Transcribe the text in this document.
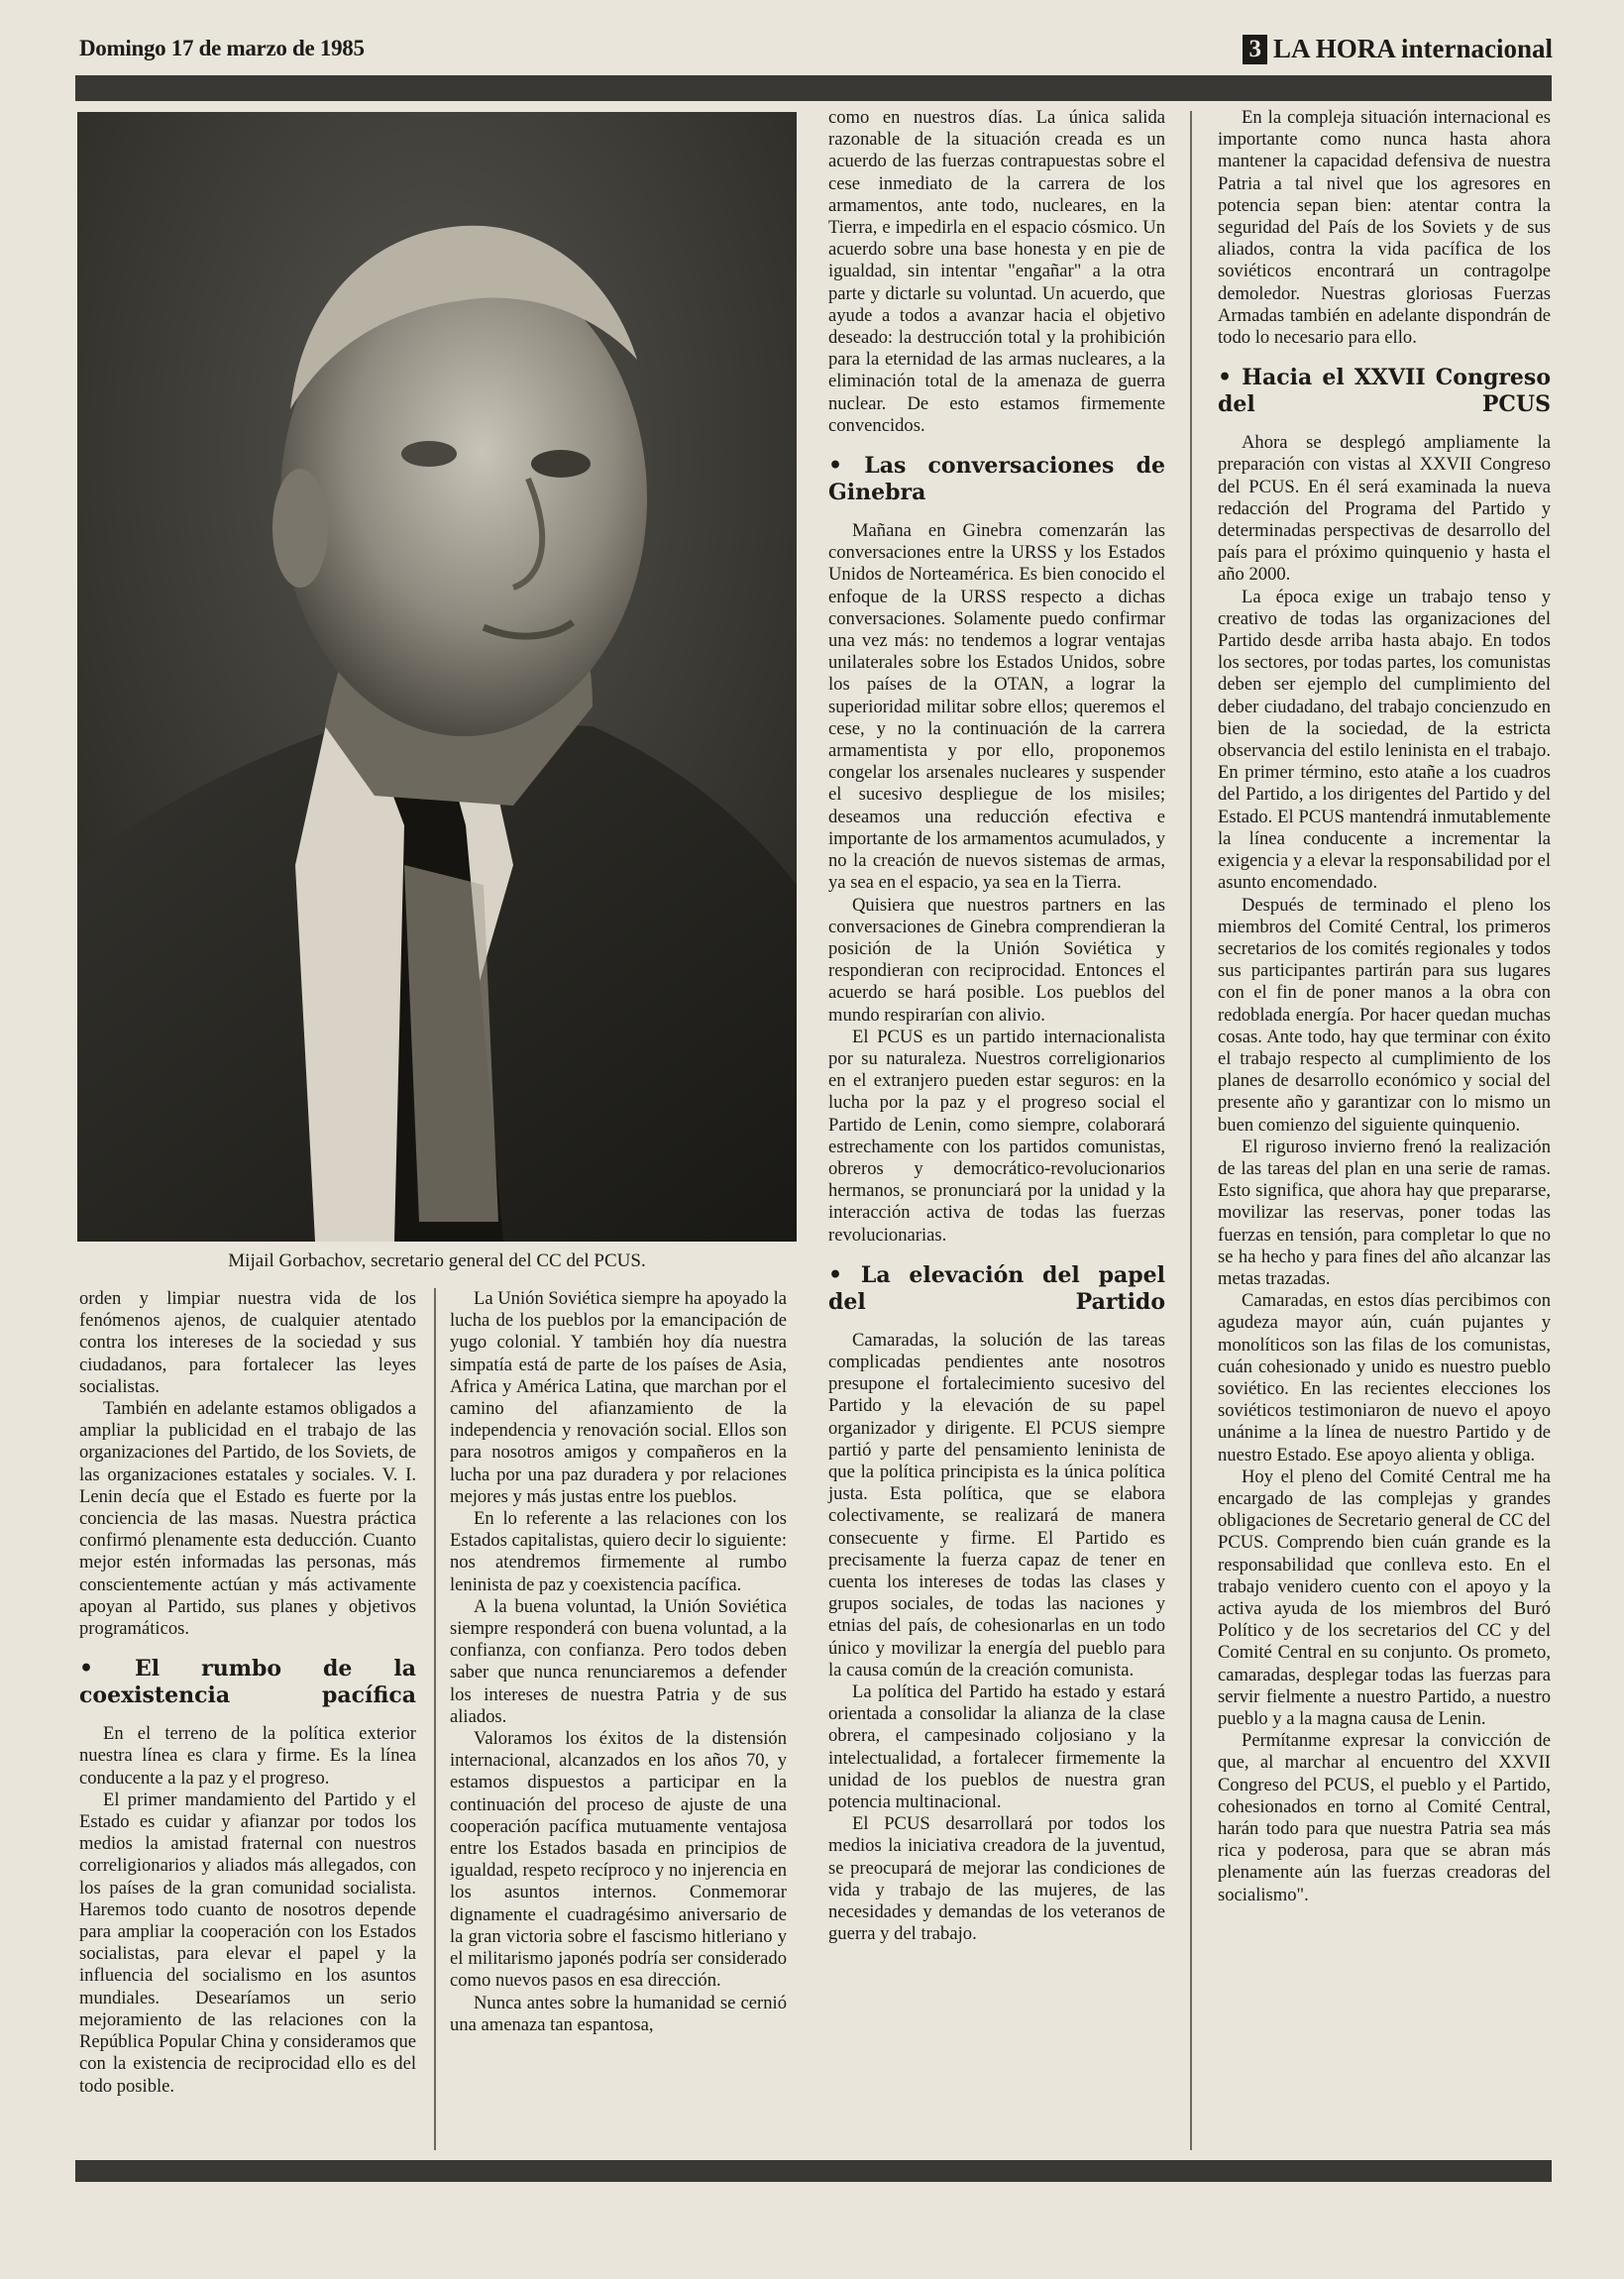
Domingo 17 de marzo de 1985	3 LA HORA internacional
Mijail Gorbachov, secretario general del CC del PCUS.

como en nuestros días. La única salida razonable de la situación creada es un acuerdo de las fuerzas contrapuestas sobre el cese inmediato de la carrera de los armamentos, ante todo, nucleares, en la Tierra, e impedirla en el espacio cósmico. Un acuerdo sobre una base honesta y en pie de igualdad, sin intentar "engañar" a la otra parte y dictarle su voluntad. Un acuerdo, que ayude a todos a avanzar hacia el objetivo deseado: la destrucción total y la prohibición para la eternidad de las armas nucleares, a la eliminación total de la amenaza de guerra nuclear. De esto estamos firmemente convencidos.

• Las conversaciones de Ginebra

Mañana en Ginebra comenzarán las conversaciones entre la URSS y los Estados Unidos de Norteamérica. Es bien conocido el enfoque de la URSS respecto a dichas conversaciones. Solamente puedo confirmar una vez más: no tendemos a lograr ventajas unilaterales sobre los Estados Unidos, sobre los países de la OTAN, a lograr la superioridad militar sobre ellos; queremos el cese, y no la continuación de la carrera armamentista y por ello, proponemos congelar los arsenales nucleares y suspender el sucesivo despliegue de los misiles; deseamos una reducción efectiva e importante de los armamentos acumulados, y no la creación de nuevos sistemas de armas, ya sea en el espacio, ya sea en la Tierra.

Quisiera que nuestros partners en las conversaciones de Ginebra comprendieran la posición de la Unión Soviética y respondieran con reciprocidad. Entonces el acuerdo se hará posible. Los pueblos del mundo respirarían con alivio.

El PCUS es un partido internacionalista por su naturaleza. Nuestros correligionarios en el extranjero pueden estar seguros: en la lucha por la paz y el progreso social el Partido de Lenin, como siempre, colaborará estrechamente con los partidos comunistas, obreros y democrático-revolucionarios hermanos, se pronunciará por la unidad y la interacción activa de todas las fuerzas revolucionarias.

• La elevación del papel del Partido

Camaradas, la solución de las tareas complicadas pendientes ante nosotros presupone el fortalecimiento sucesivo del Partido y la elevación de su papel organizador y dirigente. El PCUS siempre partió y parte del pensamiento leninista de que la política principista es la única política justa. Esta política, que se elabora colectivamente, se realizará de manera consecuente y firme. El Partido es precisamente la fuerza capaz de tener en cuenta los intereses de todas las clases y grupos sociales, de todas las naciones y etnias del país, de cohesionarlas en un todo único y movilizar la energía del pueblo para la causa común de la creación comunista.

La política del Partido ha estado y estará orientada a consolidar la alianza de la clase obrera, el campesinado coljosiano y la intelectualidad, a fortalecer firmemente la unidad de los pueblos de nuestra gran potencia multinacional.

El PCUS desarrollará por todos los medios la iniciativa creadora de la juventud, se preocupará de mejorar las condiciones de vida y trabajo de las mujeres, de las necesidades y demandas de los veteranos de guerra y del trabajo.

En la compleja situación internacional es importante como nunca hasta ahora mantener la capacidad defensiva de nuestra Patria a tal nivel que los agresores en potencia sepan bien: atentar contra la seguridad del País de los Soviets y de sus aliados, contra la vida pacífica de los soviéticos encontrará un contragolpe demoledor. Nuestras gloriosas Fuerzas Armadas también en adelante dispondrán de todo lo necesario para ello.

• Hacia el XXVII Congreso del PCUS

Ahora se desplegó ampliamente la preparación con vistas al XXVII Congreso del PCUS. En él será examinada la nueva redacción del Programa del Partido y determinadas perspectivas de desarrollo del país para el próximo quinquenio y hasta el año 2000.

La época exige un trabajo tenso y creativo de todas las organizaciones del Partido desde arriba hasta abajo. En todos los sectores, por todas partes, los comunistas deben ser ejemplo del cumplimiento del deber ciudadano, del trabajo concienzudo en bien de la sociedad, de la estricta observancia del estilo leninista en el trabajo. En primer término, esto atañe a los cuadros del Partido, a los dirigentes del Partido y del Estado. El PCUS mantendrá inmutablemente la línea conducente a incrementar la exigencia y a elevar la responsabilidad por el asunto encomendado.

Después de terminado el pleno los miembros del Comité Central, los primeros secretarios de los comités regionales y todos sus participantes partirán para sus lugares con el fin de poner manos a la obra con redoblada energía. Por hacer quedan muchas cosas. Ante todo, hay que terminar con éxito el trabajo respecto al cumplimiento de los planes de desarrollo económico y social del presente año y garantizar con lo mismo un buen comienzo del siguiente quinquenio.

El riguroso invierno frenó la realización de las tareas del plan en una serie de ramas. Esto significa, que ahora hay que prepararse, movilizar las reservas, poner todas las fuerzas en tensión, para completar lo que no se ha hecho y para fines del año alcanzar las metas trazadas.

Camaradas, en estos días percibimos con agudeza mayor aún, cuán pujantes y monolíticos son las filas de los comunistas, cuán cohesionado y unido es nuestro pueblo soviético. En las recientes elecciones los soviéticos testimoniaron de nuevo el apoyo unánime a la línea de nuestro Partido y de nuestro Estado. Ese apoyo alienta y obliga.

Hoy el pleno del Comité Central me ha encargado de las complejas y grandes obligaciones de Secretario general de CC del PCUS. Comprendo bien cuán grande es la responsabilidad que conlleva esto. En el trabajo venidero cuento con el apoyo y la activa ayuda de los miembros del Buró Político y de los secretarios del CC y del Comité Central en su conjunto. Os prometo, camaradas, desplegar todas las fuerzas para servir fielmente a nuestro Partido, a nuestro pueblo y a la magna causa de Lenin.

Permítanme expresar la convicción de que, al marchar al encuentro del XXVII Congreso del PCUS, el pueblo y el Partido, cohesionados en torno al Comité Central, harán todo para que nuestra Patria sea más rica y poderosa, para que se abran más plenamente aún las fuerzas creadoras del socialismo".

orden y limpiar nuestra vida de los fenómenos ajenos, de cualquier atentado contra los intereses de la sociedad y sus ciudadanos, para fortalecer las leyes socialistas.

También en adelante estamos obligados a ampliar la publicidad en el trabajo de las organizaciones del Partido, de los Soviets, de las organizaciones estatales y sociales. V. I. Lenin decía que el Estado es fuerte por la conciencia de las masas. Nuestra práctica confirmó plenamente esta deducción. Cuanto mejor estén informadas las personas, más conscientemente actúan y más activamente apoyan al Partido, sus planes y objetivos programáticos.

• El rumbo de la coexistencia pacífica

En el terreno de la política exterior nuestra línea es clara y firme. Es la línea conducente a la paz y el progreso.

El primer mandamiento del Partido y el Estado es cuidar y afianzar por todos los medios la amistad fraternal con nuestros correligionarios y aliados más allegados, con los países de la gran comunidad socialista. Haremos todo cuanto de nosotros depende para ampliar la cooperación con los Estados socialistas, para elevar el papel y la influencia del socialismo en los asuntos mundiales. Desearíamos un serio mejoramiento de las relaciones con la República Popular China y consideramos que con la existencia de reciprocidad ello es del todo posible.

La Unión Soviética siempre ha apoyado la lucha de los pueblos por la emancipación de yugo colonial. Y también hoy día nuestra simpatía está de parte de los países de Asia, Africa y América Latina, que marchan por el camino del afianzamiento de la independencia y renovación social. Ellos son para nosotros amigos y compañeros en la lucha por una paz duradera y por relaciones mejores y más justas entre los pueblos.

En lo referente a las relaciones con los Estados capitalistas, quiero decir lo siguiente: nos atendremos firmemente al rumbo leninista de paz y coexistencia pacífica.

A la buena voluntad, la Unión Soviética siempre responderá con buena voluntad, a la confianza, con confianza. Pero todos deben saber que nunca renunciaremos a defender los intereses de nuestra Patria y de sus aliados.

Valoramos los éxitos de la distensión internacional, alcanzados en los años 70, y estamos dispuestos a participar en la continuación del proceso de ajuste de una cooperación pacífica mutuamente ventajosa entre los Estados basada en principios de igualdad, respeto recíproco y no injerencia en los asuntos internos. Conmemorar dignamente el cuadragésimo aniversario de la gran victoria sobre el fascismo hitleriano y el militarismo japonés podría ser considerado como nuevos pasos en esa dirección.

Nunca antes sobre la humanidad se cernió una amenaza tan espantosa,
